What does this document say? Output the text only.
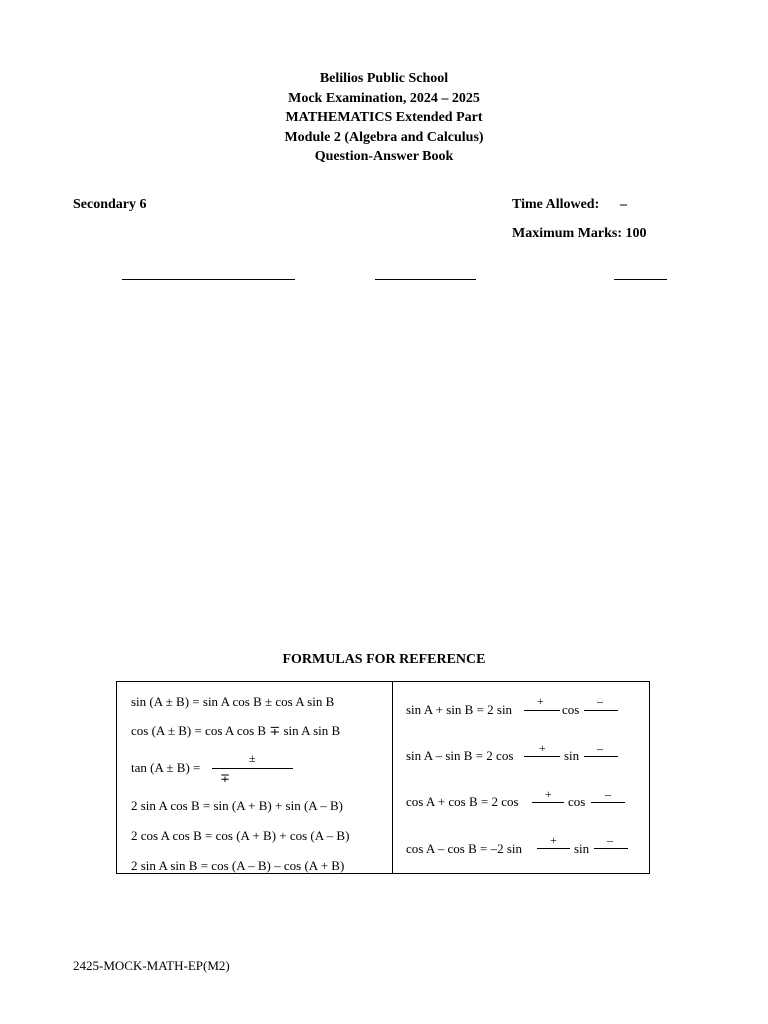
Belilios Public School
Mock Examination, 2024 – 2025
MATHEMATICS Extended Part
Module 2 (Algebra and Calculus)
Question-Answer Book
Secondary 6	Time Allowed: –
Maximum Marks: 100
FORMULAS FOR REFERENCE
sin (A ± B) = sin A cos B ± cos A sin B
cos (A ± B) = cos A cos B ∓ sin A sin B
tan (A ± B) =
±
∓
2 sin A cos B = sin (A + B) + sin (A – B)
2 cos A cos B = cos (A + B) + cos (A – B)
2 sin A sin B = cos (A – B) – cos (A + B)
sin A + sin B = 2 sin
+
cos
–
sin A – sin B = 2 cos + sin –
cos A + cos B = 2 cos + cos –
cos A – cos B = –2 sin
+
sin
–
2425-MOCK-MATH-EP(M2)
